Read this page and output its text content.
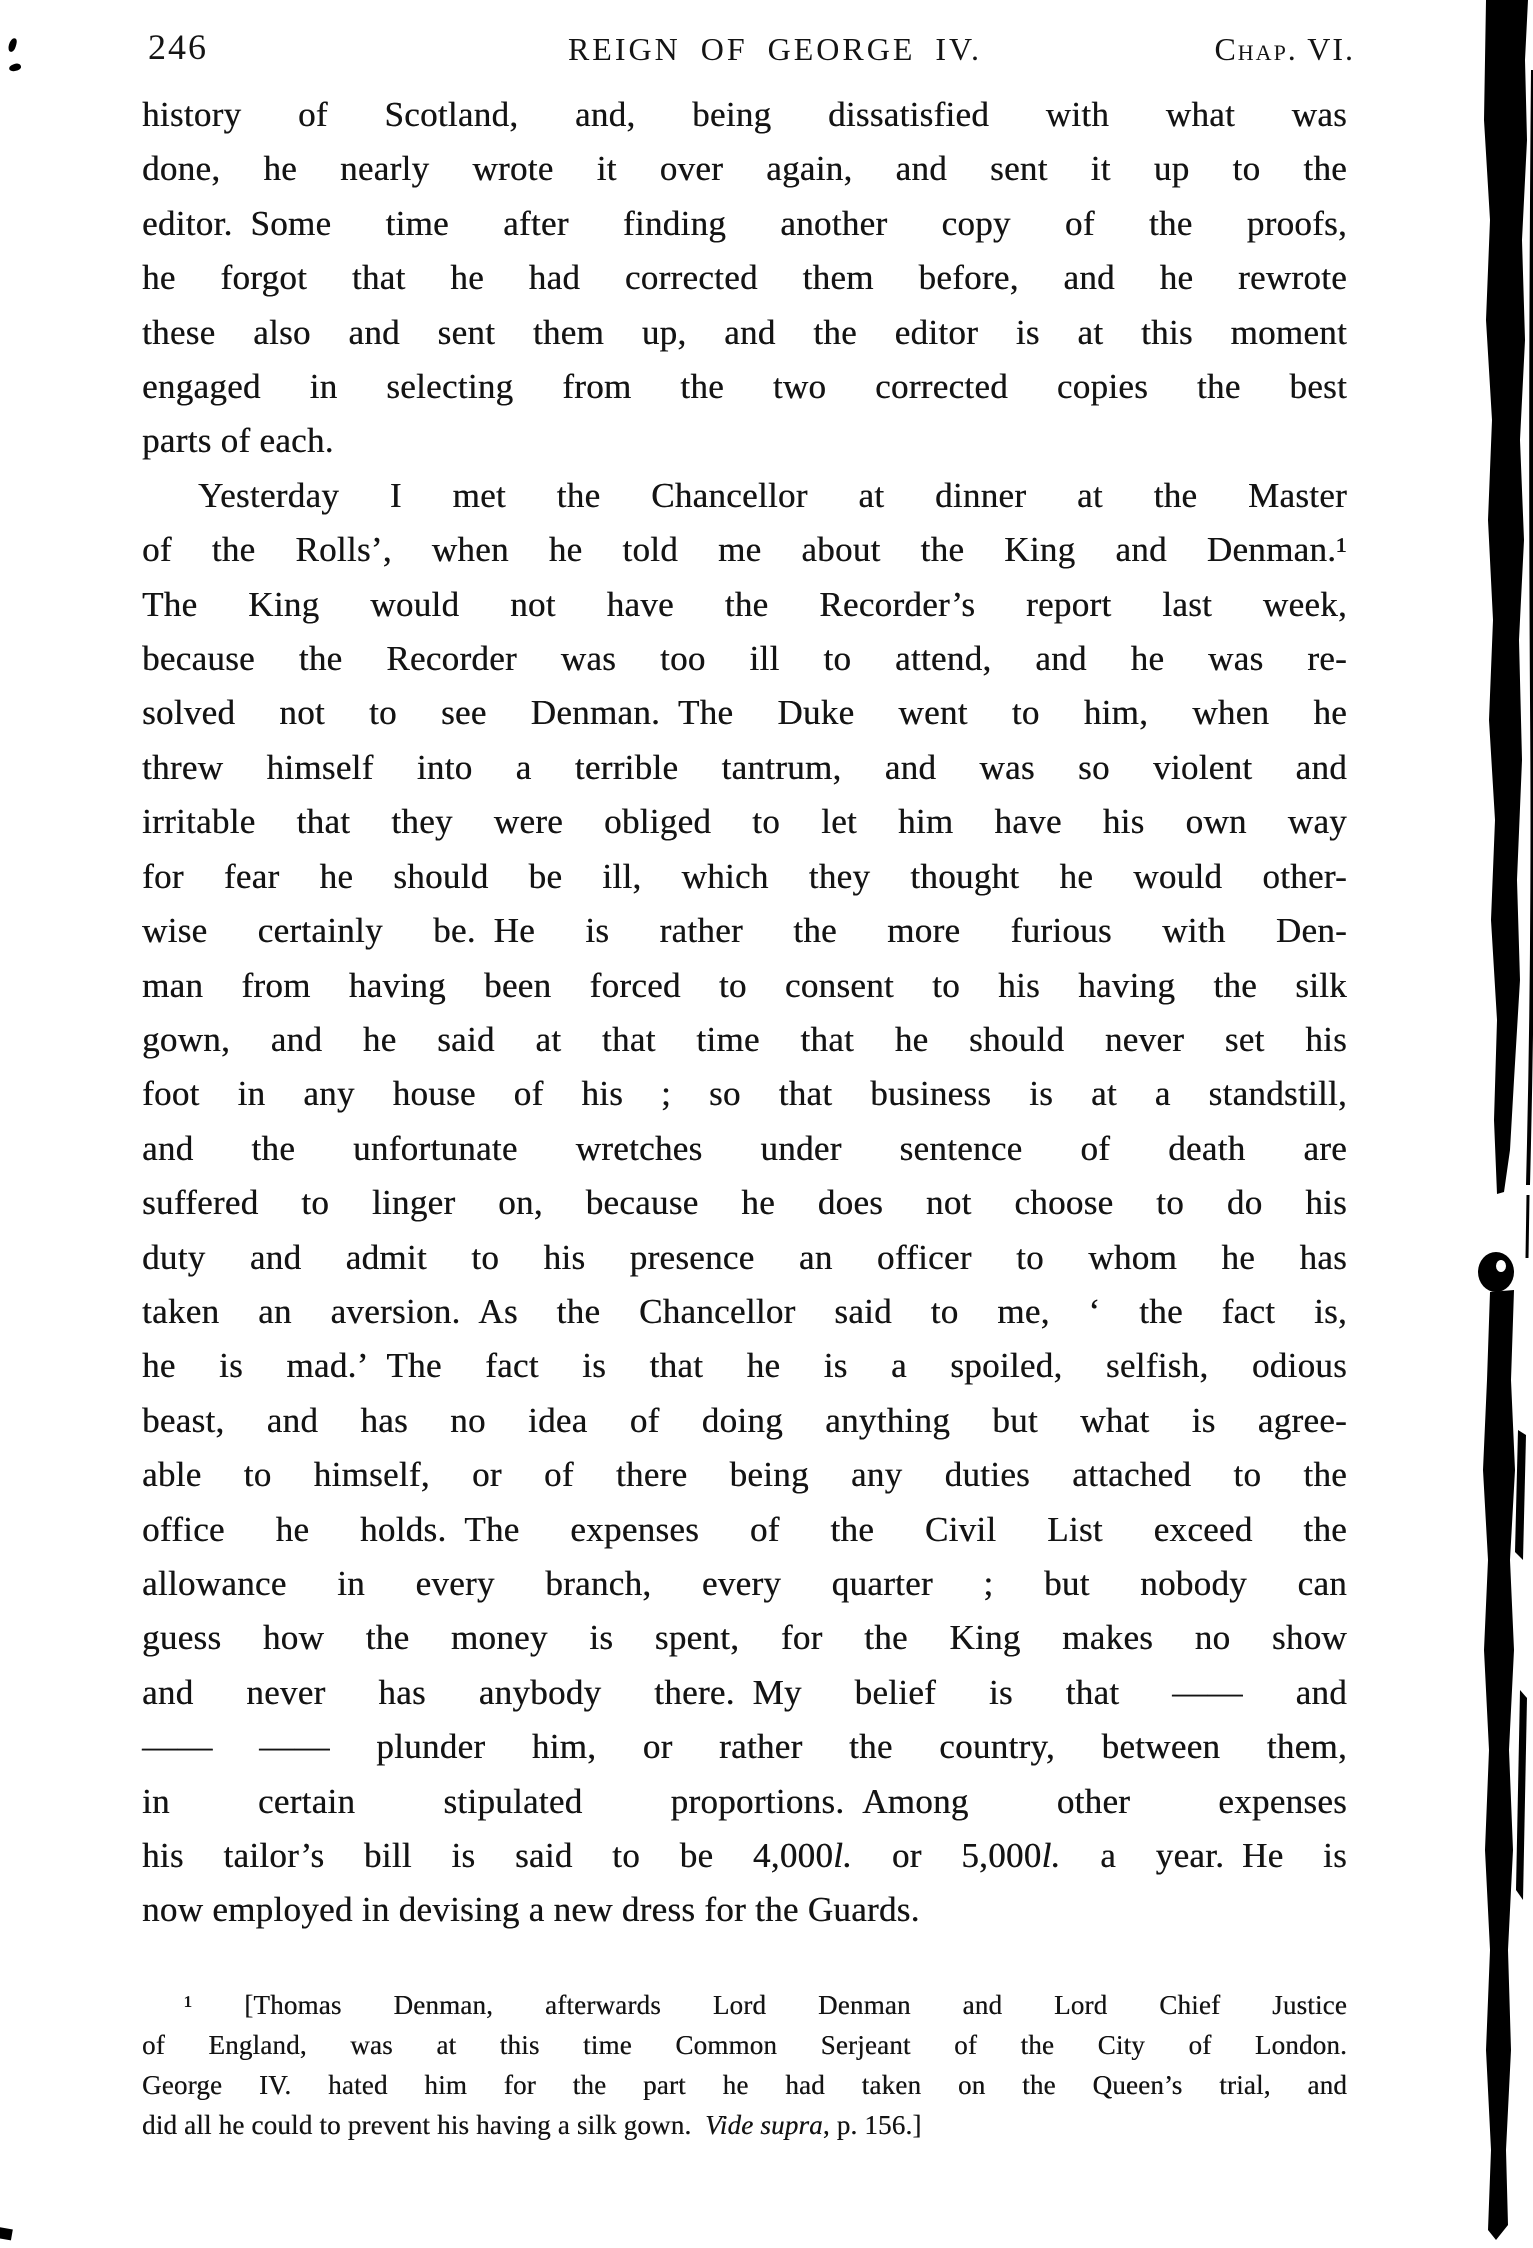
246	REIGN OF GEORGE IV.	Chap. VI.
history of Scotland, and, being dissatisfied with what was
done, he nearly wrote it over again, and sent it up to the
editor. Some time after finding another copy of the proofs,
he forgot that he had corrected them before, and he rewrote
these also and sent them up, and the editor is at this moment
engaged in selecting from the two corrected copies the best
parts of each.
Yesterday I met the Chancellor at dinner at the Master
of the Rolls’, when he told me about the King and Denman.¹
The King would not have the Recorder’s report last week,
because the Recorder was too ill to attend, and he was re-
solved not to see Denman. The Duke went to him, when he
threw himself into a terrible tantrum, and was so violent and
irritable that they were obliged to let him have his own way
for fear he should be ill, which they thought he would other-
wise certainly be. He is rather the more furious with Den-
man from having been forced to consent to his having the silk
gown, and he said at that time that he should never set his
foot in any house of his ; so that business is at a standstill,
and the unfortunate wretches under sentence of death are
suffered to linger on, because he does not choose to do his
duty and admit to his presence an officer to whom he has
taken an aversion. As the Chancellor said to me, ‘ the fact is,
he is mad.’ The fact is that he is a spoiled, selfish, odious
beast, and has no idea of doing anything but what is agree-
able to himself, or of there being any duties attached to the
office he holds. The expenses of the Civil List exceed the
allowance in every branch, every quarter ; but nobody can
guess how the money is spent, for the King makes no show
and never has anybody there. My belief is that —— and
—— —— plunder him, or rather the country, between them,
in certain stipulated proportions. Among other expenses
his tailor’s bill is said to be 4,000l. or 5,000l. a year. He is
now employed in devising a new dress for the Guards.
¹ [Thomas Denman, afterwards Lord Denman and Lord Chief Justice
of England, was at this time Common Serjeant of the City of London.
George IV. hated him for the part he had taken on the Queen’s trial, and
did all he could to prevent his having a silk gown. Vide supra, p. 156.]
